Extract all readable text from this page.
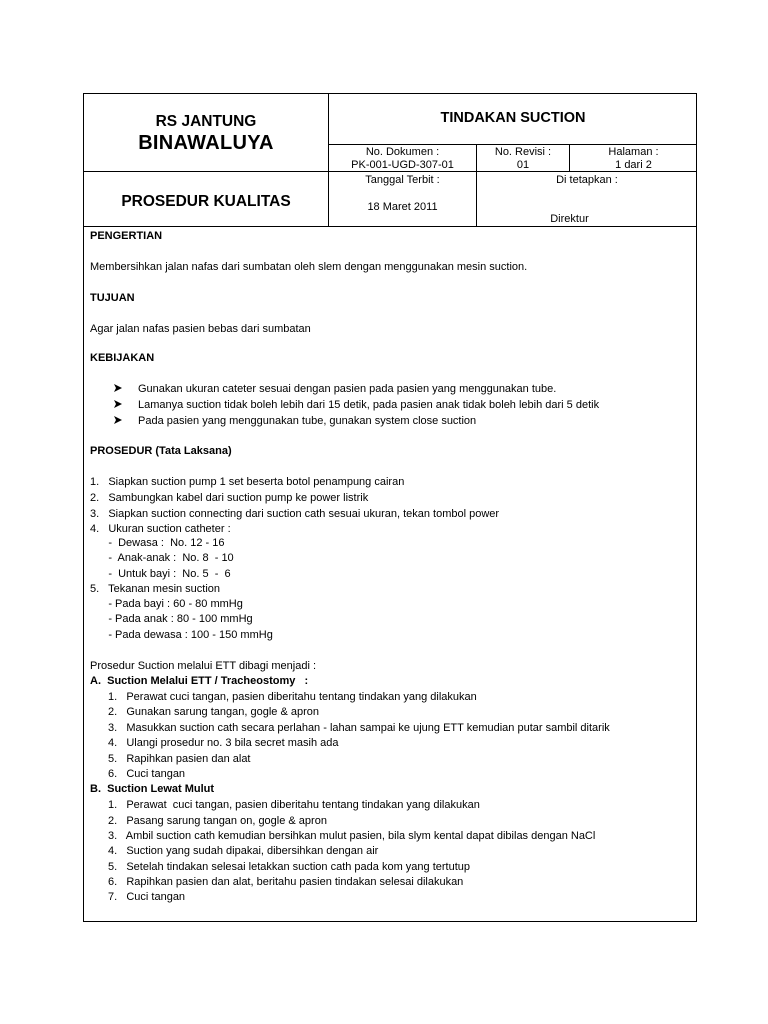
RS JANTUNG
BINAWALUYA
PROSEDUR KUALITAS
TINDAKAN SUCTION
No. Dokumen :
PK-001-UGD-307-01
No. Revisi :
01
Halaman :
1 dari 2
Tanggal Terbit :
18 Maret 2011
Di tetapkan :
Direktur
PENGERTIAN
Membersihkan jalan nafas dari sumbatan oleh slem dengan menggunakan mesin suction.
TUJUAN
Agar jalan nafas pasien bebas dari sumbatan
KEBIJAKAN
Gunakan ukuran cateter sesuai dengan pasien pada pasien yang menggunakan tube.
Lamanya suction tidak boleh lebih dari 15 detik, pada pasien anak tidak boleh lebih dari 5 detik
Pada pasien yang menggunakan tube, gunakan system close suction
PROSEDUR (Tata Laksana)
1.   Siapkan suction pump 1 set beserta botol penampung cairan
2.   Sambungkan kabel dari suction pump ke power listrik
3.   Siapkan suction connecting dari suction cath sesuai ukuran, tekan tombol power
4.   Ukuran suction catheter :
-  Dewasa :  No. 12 - 16
-  Anak-anak :  No. 8  - 10
-  Untuk bayi :  No. 5  -  6
5.   Tekanan mesin suction
- Pada bayi : 60 - 80 mmHg
- Pada anak : 80 - 100 mmHg
- Pada dewasa : 100 - 150 mmHg
Prosedur Suction melalui ETT dibagi menjadi :
A.  Suction Melalui ETT / Tracheostomy   :
1.   Perawat cuci tangan, pasien diberitahu tentang tindakan yang dilakukan
2.   Gunakan sarung tangan, gogle & apron
3.   Masukkan suction cath secara perlahan - lahan sampai ke ujung ETT kemudian putar sambil ditarik
4.   Ulangi prosedur no. 3 bila secret masih ada
5.   Rapihkan pasien dan alat
6.   Cuci tangan
B.  Suction Lewat Mulut
1.   Perawat  cuci tangan, pasien diberitahu tentang tindakan yang dilakukan
2.   Pasang sarung tangan on, gogle & apron
3.   Ambil suction cath kemudian bersihkan mulut pasien, bila slym kental dapat dibilas dengan NaCl
4.   Suction yang sudah dipakai, dibersihkan dengan air
5.   Setelah tindakan selesai letakkan suction cath pada kom yang tertutup
6.   Rapihkan pasien dan alat, beritahu pasien tindakan selesai dilakukan
7.   Cuci tangan
